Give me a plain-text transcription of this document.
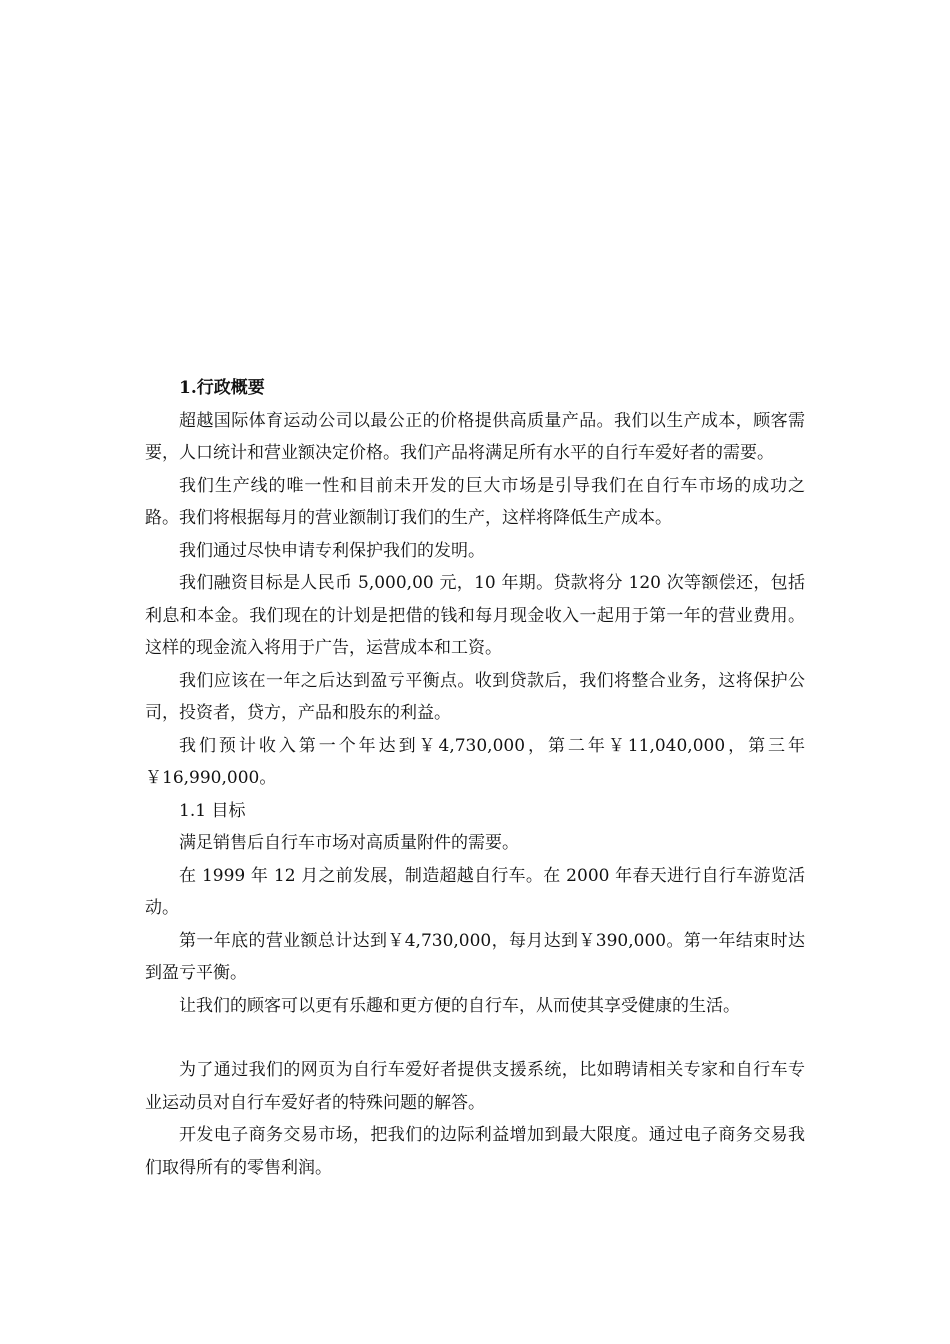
1.行政概要

超越国际体育运动公司以最公正的价格提供高质量产品。我们以生产成本，顾客需要，人口统计和营业额决定价格。我们产品将满足所有水平的自行车爱好者的需要。

我们生产线的唯一性和目前未开发的巨大市场是引导我们在自行车市场的成功之路。我们将根据每月的营业额制订我们的生产，这样将降低生产成本。

我们通过尽快申请专利保护我们的发明。

我们融资目标是人民币 5,000,00 元，10 年期。贷款将分 120 次等额偿还，包括利息和本金。我们现在的计划是把借的钱和每月现金收入一起用于第一年的营业费用。这样的现金流入将用于广告，运营成本和工资。

我们应该在一年之后达到盈亏平衡点。收到贷款后，我们将整合业务，这将保护公司，投资者，贷方，产品和股东的利益。

我们预计收入第一个年达到￥4,730,000，第二年￥11,040,000，第三年￥16,990,000。

1.1 目标

满足销售后自行车市场对高质量附件的需要。

在 1999 年 12 月之前发展，制造超越自行车。在 2000 年春天进行自行车游览活动。

第一年底的营业额总计达到￥4,730,000，每月达到￥390,000。第一年结束时达到盈亏平衡。

让我们的顾客可以更有乐趣和更方便的自行车，从而使其享受健康的生活。

为了通过我们的网页为自行车爱好者提供支援系统，比如聘请相关专家和自行车专业运动员对自行车爱好者的特殊问题的解答。

开发电子商务交易市场，把我们的边际利益增加到最大限度。通过电子商务交易我们取得所有的零售利润。
